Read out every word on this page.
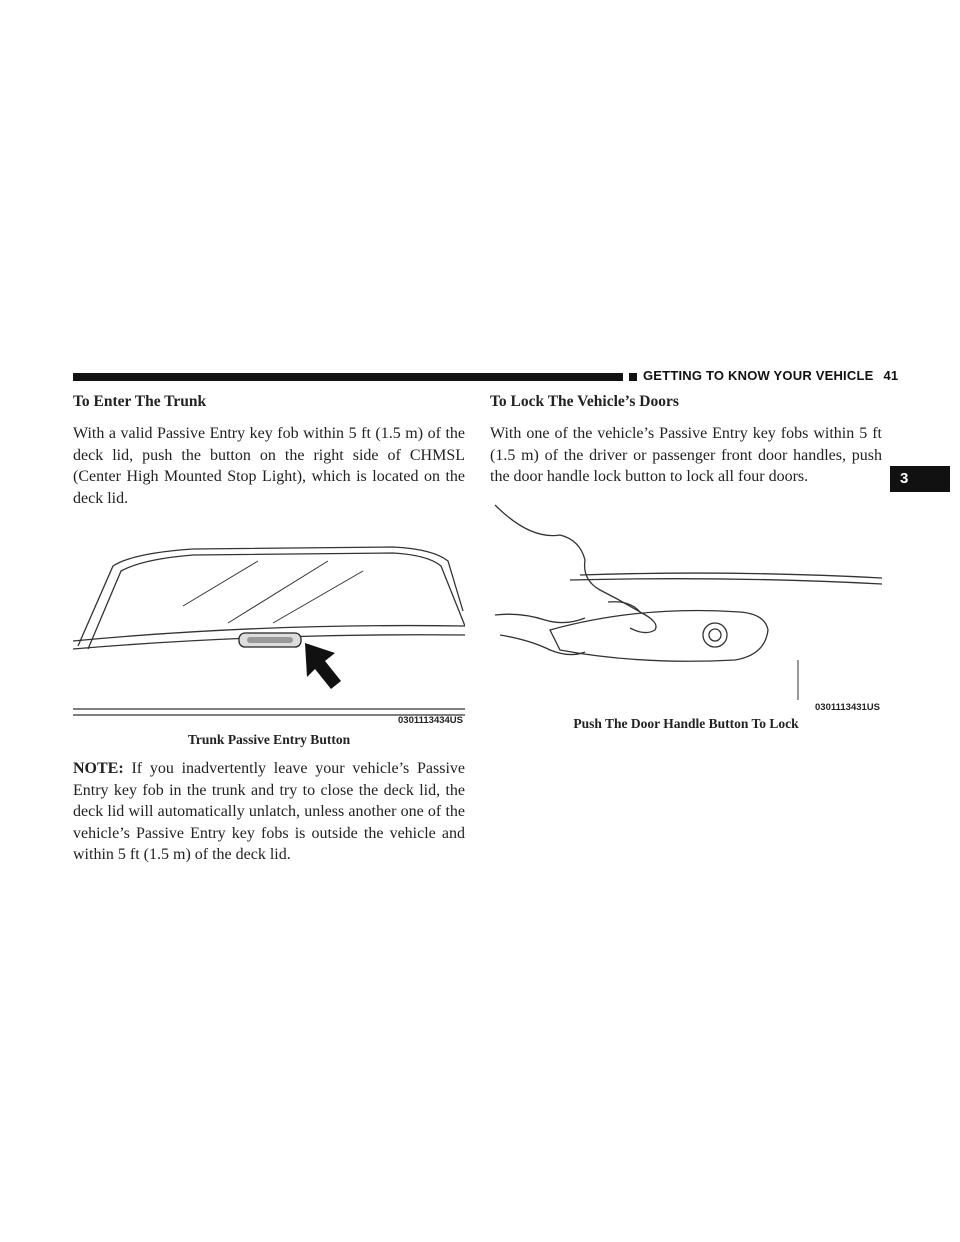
GETTING TO KNOW YOUR VEHICLE 41
3
To Enter The Trunk

With a valid Passive Entry key fob within 5 ft (1.5 m) of the deck lid, push the button on the right side of CHMSL (Center High Mounted Stop Light), which is located on the deck lid.

0301113434US
Trunk Passive Entry Button

NOTE: If you inadvertently leave your vehicle’s Passive Entry key fob in the trunk and try to close the deck lid, the deck lid will automatically unlatch, unless another one of the vehicle’s Passive Entry key fobs is outside the vehicle and within 5 ft (1.5 m) of the deck lid.

To Lock The Vehicle’s Doors

With one of the vehicle’s Passive Entry key fobs within 5 ft (1.5 m) of the driver or passenger front door handles, push the door handle lock button to lock all four doors.

0301113431US
Push The Door Handle Button To Lock
